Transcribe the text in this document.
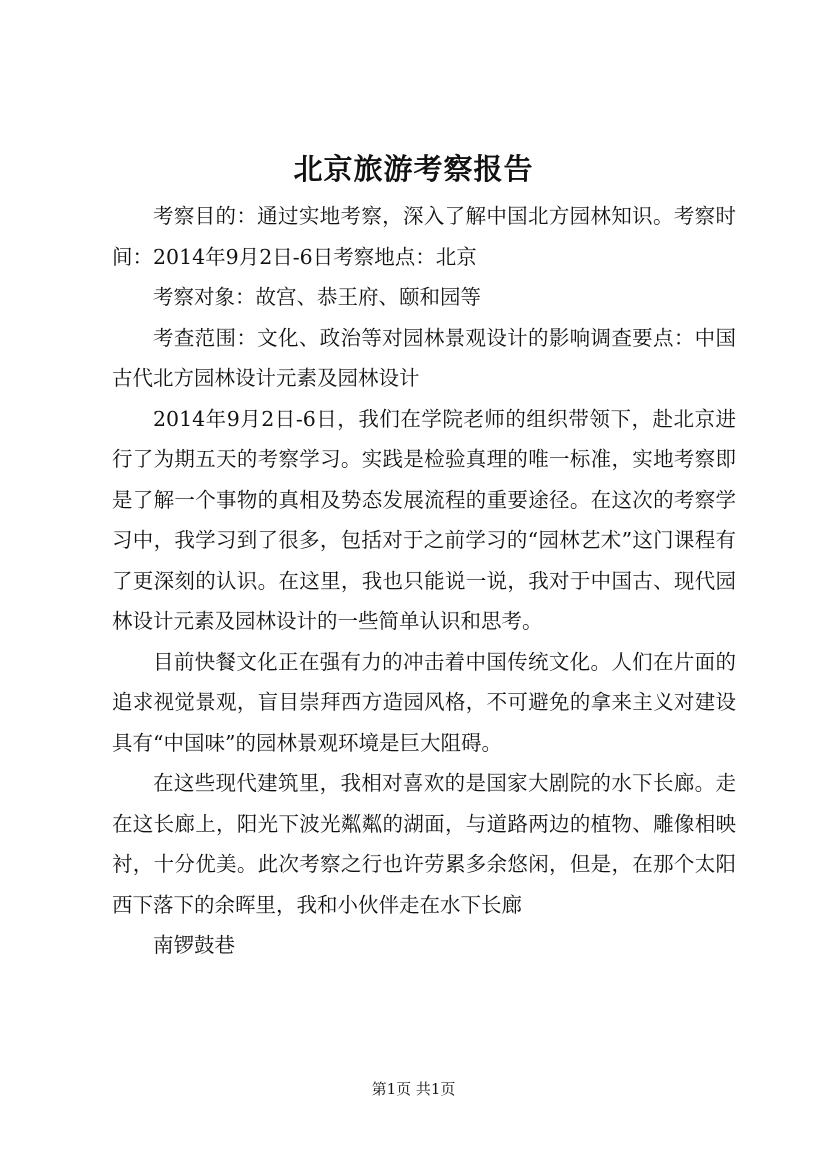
北京旅游考察报告

考察目的：通过实地考察，深入了解中国北方园林知识。考察时间：2014年9月2日-6日考察地点：北京

考察对象：故宫、恭王府、颐和园等

考查范围：文化、政治等对园林景观设计的影响调查要点：中国古代北方园林设计元素及园林设计

2014年9月2日-6日，我们在学院老师的组织带领下，赴北京进行了为期五天的考察学习。实践是检验真理的唯一标准，实地考察即是了解一个事物的真相及势态发展流程的重要途径。在这次的考察学习中，我学习到了很多，包括对于之前学习的“园林艺术”这门课程有了更深刻的认识。在这里，我也只能说一说，我对于中国古、现代园林设计元素及园林设计的一些简单认识和思考。

目前快餐文化正在强有力的冲击着中国传统文化。人们在片面的追求视觉景观，盲目崇拜西方造园风格，不可避免的拿来主义对建设具有“中国味”的园林景观环境是巨大阻碍。

在这些现代建筑里，我相对喜欢的是国家大剧院的水下长廊。走在这长廊上，阳光下波光粼粼的湖面，与道路两边的植物、雕像相映衬，十分优美。此次考察之行也许劳累多余悠闲，但是，在那个太阳西下落下的余晖里，我和小伙伴走在水下长廊

南锣鼓巷

第1页 共1页
